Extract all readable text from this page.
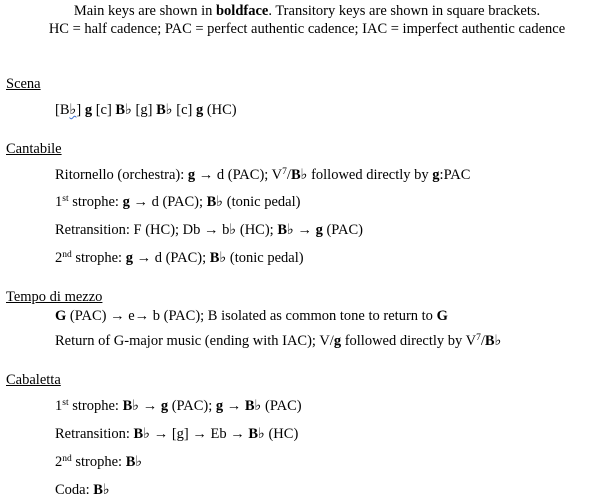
Main keys are shown in boldface. Transitory keys are shown in square brackets.
HC = half cadence; PAC = perfect authentic cadence; IAC = imperfect authentic cadence
Scena
[B♭] g [c] B♭ [g] B♭ [c] g (HC)
Cantabile
Ritornello (orchestra): g → d (PAC); $V^7/B♭$ followed directly by g:PAC
1st strophe: g → d (PAC); B♭ (tonic pedal)
Retransition: F (HC); Db → b♭ (HC); B♭ → g (PAC)
2nd strophe: g → d (PAC); B♭ (tonic pedal)
Tempo di mezzo
G (PAC) → e→ b (PAC); B isolated as common tone to return to G
Return of G-major music (ending with IAC); V/g followed directly by $V^7/B♭$
Cabaletta
1st strophe: B♭ → g (PAC); g → B♭ (PAC)
Retransition: B♭ → [g] → Eb → B♭ (HC)
2nd strophe: B♭
Coda: B♭
